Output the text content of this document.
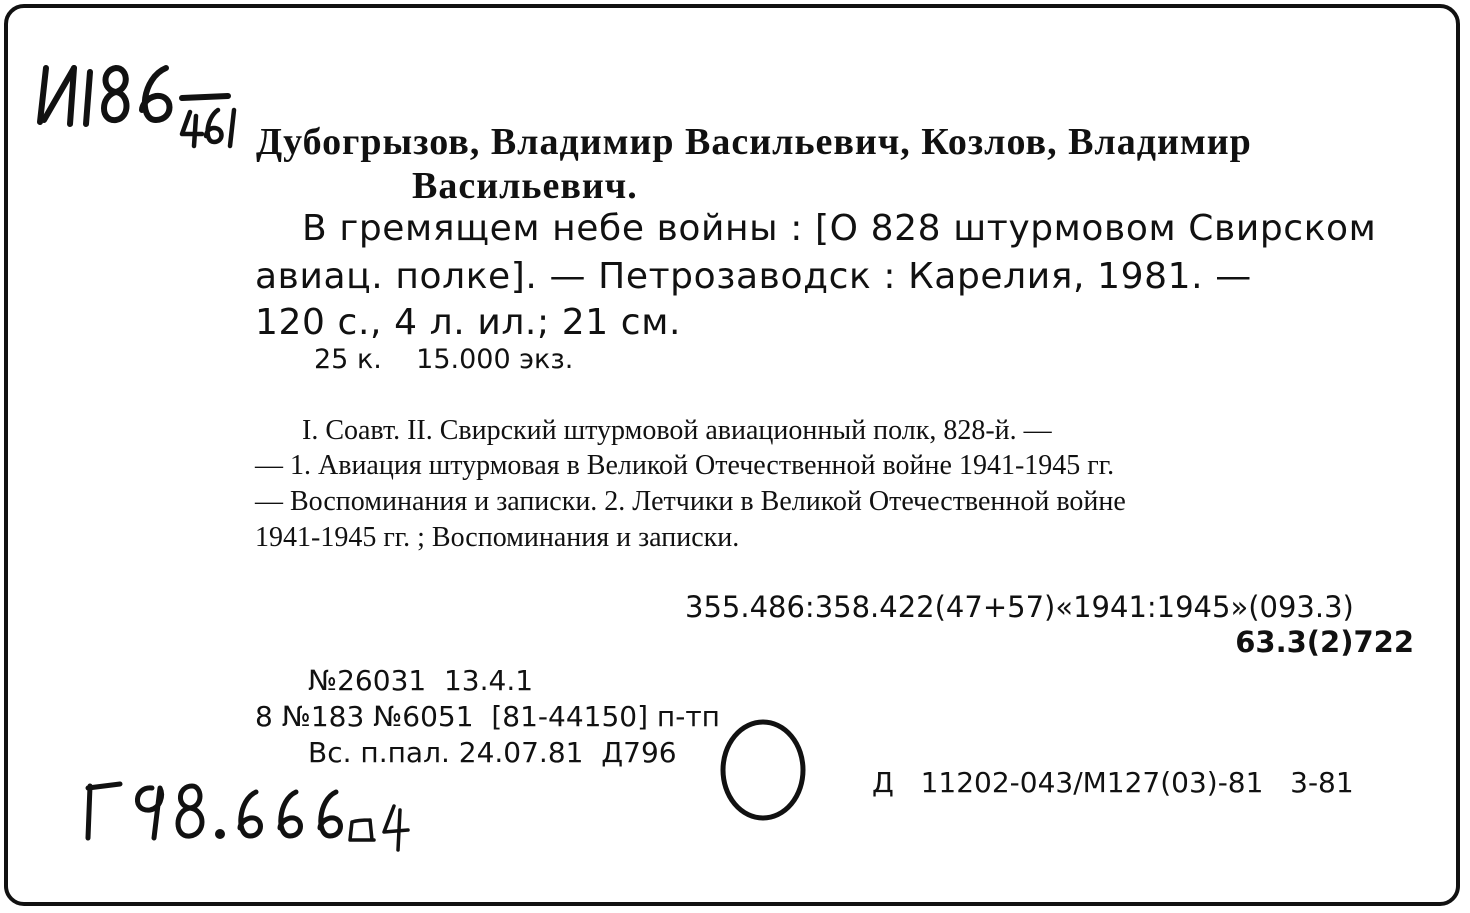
Дубогрызов, Владимир Васильевич, Козлов, Владимир
Васильевич.
В гремящем небе войны : [О 828 штурмовом Свирском
авиац. полке]. — Петрозаводск : Карелия, 1981. —
120 с., 4 л. ил.; 21 см.
25 к.    15.000 экз.
I. Соавт. II. Свирский штурмовой авиационный полк, 828-й. —
— 1. Авиация штурмовая в Великой Отечественной войне 1941-1945 гг.
— Воспоминания и записки. 2. Летчики в Великой Отечественной войне
1941-1945 гг. ; Воспоминания и записки.
355.486:358.422(47+57)«1941:1945»(093.3)
63.3(2)722
№26031  13.4.1
8 №183 №6051  [81-44150] п-тп
Вс. п.пал. 24.07.81  Д796
Д   11202-043/М127(03)-81   3-81
